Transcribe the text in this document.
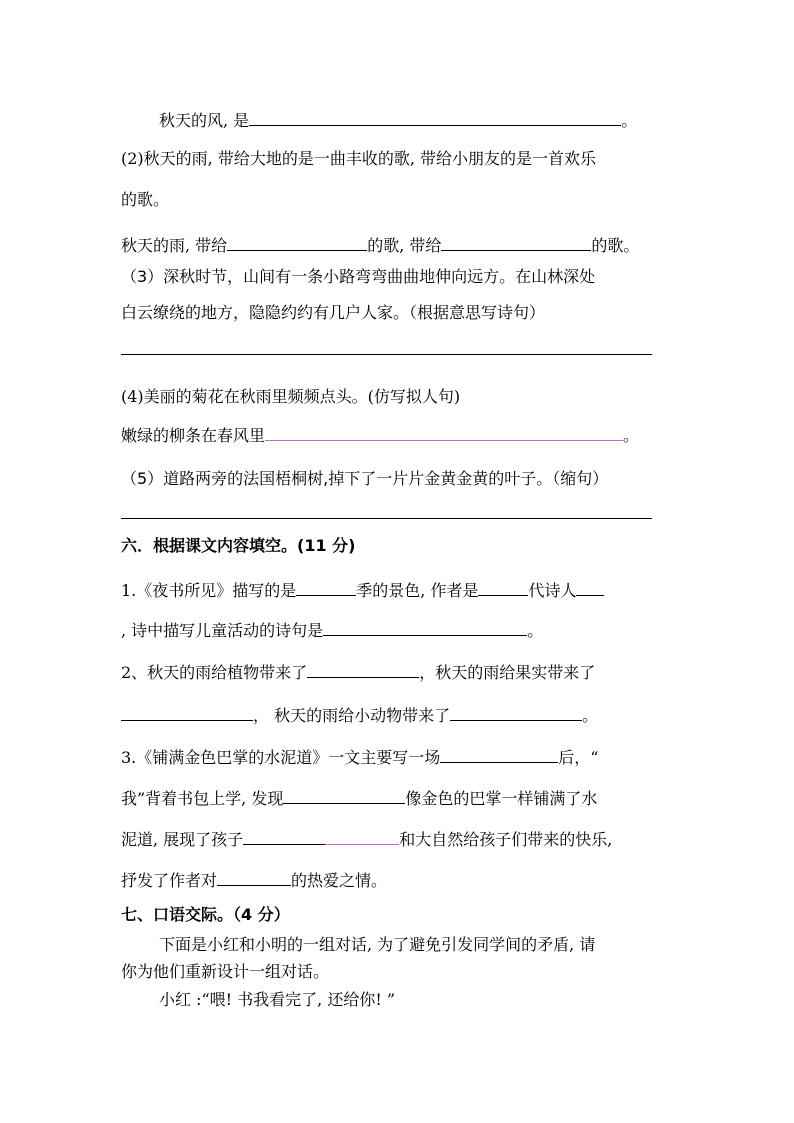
秋天的风, 是	。
(2)秋天的雨, 带给大地的是一曲丰收的歌, 带给小朋友的是一首欢乐
的歌。
秋天的雨, 带给	的歌, 带给	的歌。
（3）深秋时节，山间有一条小路弯弯曲曲地伸向远方。在山林深处
白云缭绕的地方，隐隐约约有几户人家。（根据意思写诗句）
(4)美丽的菊花在秋雨里频频点头。(仿写拟人句)
嫩绿的柳条在春风里	。
（5）道路两旁的法国梧桐树,掉下了一片片金黄金黄的叶子。（缩句）
六．根据课文内容填空。(11 分)
1.《夜书所见》描写的是	季的景色, 作者是	代诗人
, 诗中描写儿童活动的诗句是	。
2、秋天的雨给植物带来了	，秋天的雨给果实带来了
， 秋天的雨给小动物带来了	。
3.《铺满金色巴掌的水泥道》一文主要写一场	后，“
我”背着书包上学, 发现	像金色的巴掌一样铺满了水
泥道, 展现了孩子	和大自然给孩子们带来的快乐,
抒发了作者对	的热爱之情。
七、口语交际。（4 分）
下面是小红和小明的一组对话, 为了避免引发同学间的矛盾, 请
你为他们重新设计一组对话。
小红 :“喂! 书我看完了, 还给你! ”
